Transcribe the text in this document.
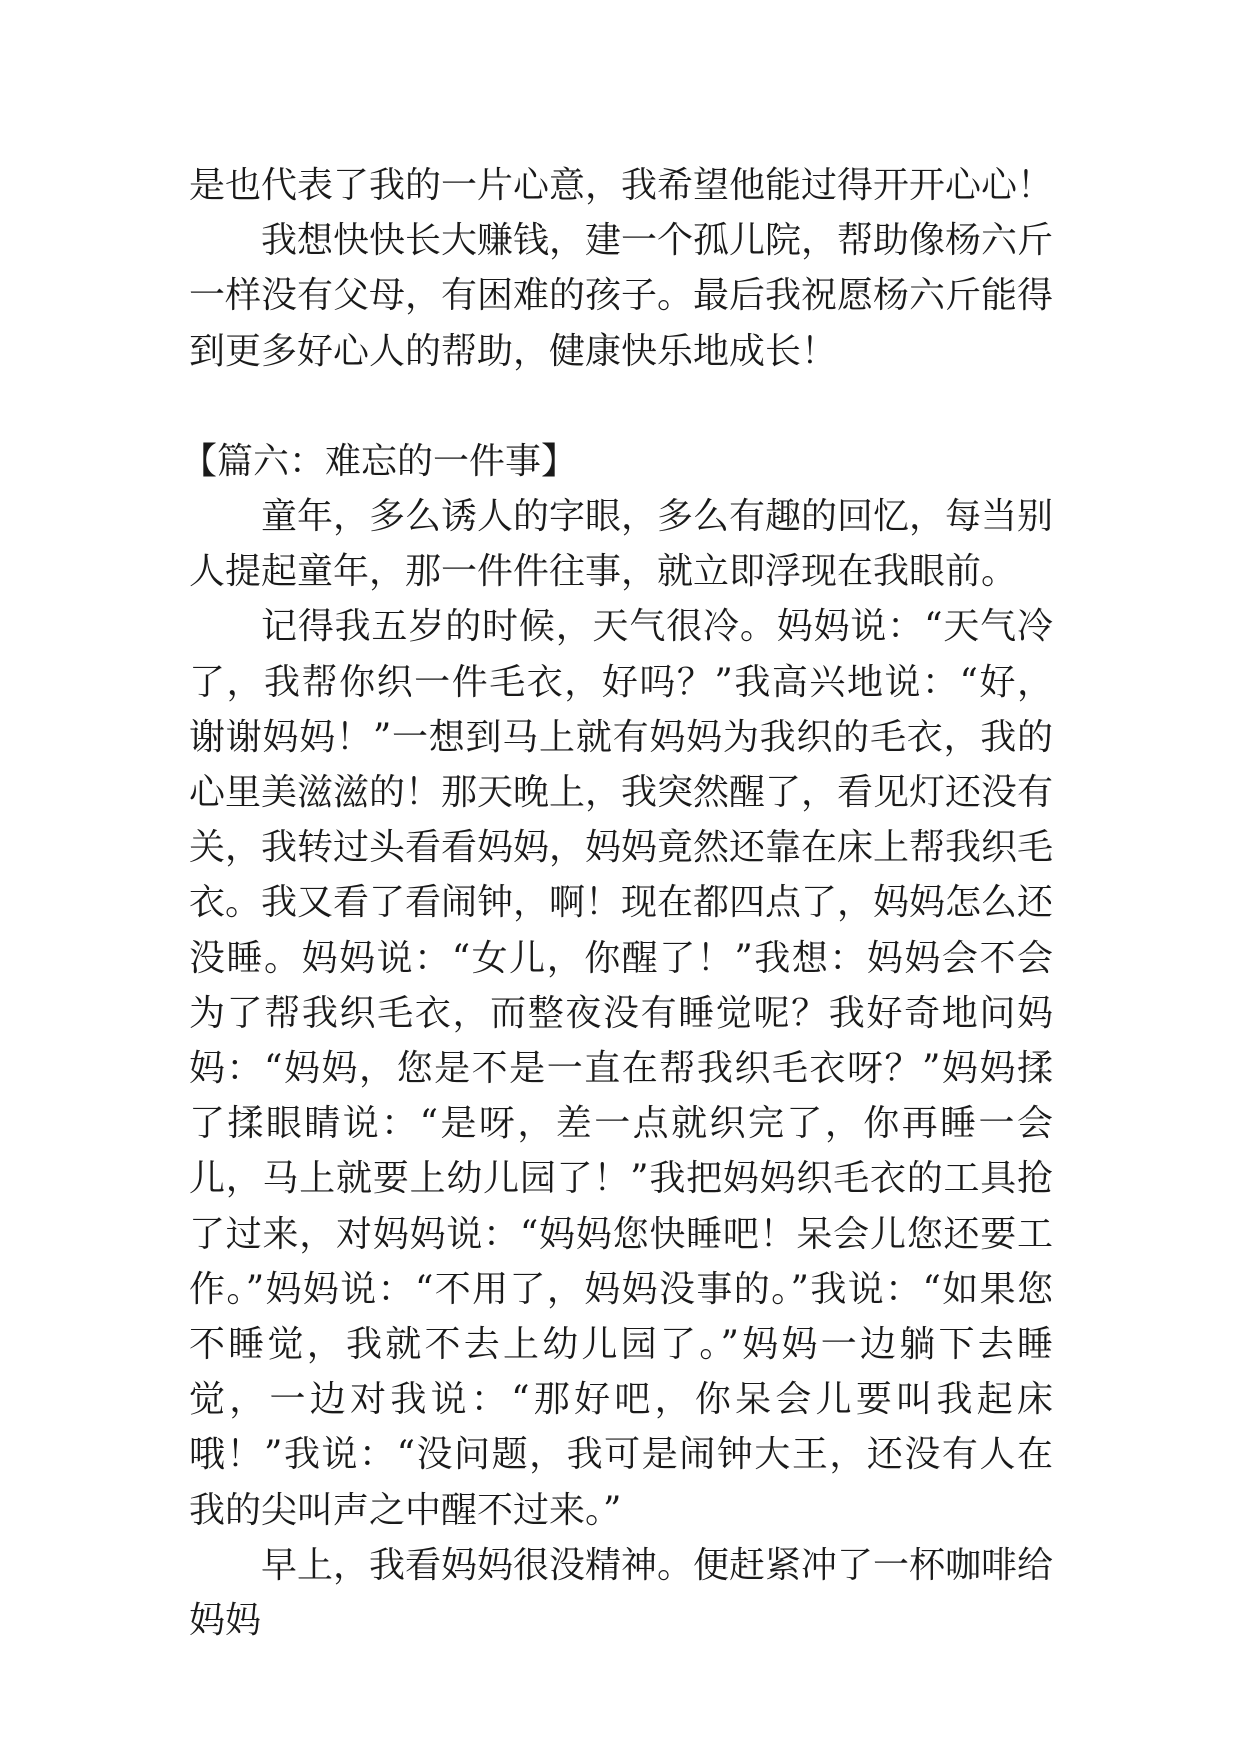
是也代表了我的一片心意，我希望他能过得开开心心！

我想快快长大赚钱，建一个孤儿院，帮助像杨六斤一样没有父母，有困难的孩子。最后我祝愿杨六斤能得到更多好心人的帮助，健康快乐地成长！

【篇六：难忘的一件事】

童年，多么诱人的字眼，多么有趣的回忆，每当别人提起童年，那一件件往事，就立即浮现在我眼前。

记得我五岁的时候，天气很冷。妈妈说：“天气冷了，我帮你织一件毛衣，好吗？”我高兴地说：“好，谢谢妈妈！”一想到马上就有妈妈为我织的毛衣，我的心里美滋滋的！那天晚上，我突然醒了，看见灯还没有关，我转过头看看妈妈，妈妈竟然还靠在床上帮我织毛衣。我又看了看闹钟，啊！现在都四点了，妈妈怎么还没睡。妈妈说：“女儿，你醒了！”我想：妈妈会不会为了帮我织毛衣，而整夜没有睡觉呢？我好奇地问妈妈：“妈妈，您是不是一直在帮我织毛衣呀？”妈妈揉了揉眼睛说：“是呀，差一点就织完了，你再睡一会儿，马上就要上幼儿园了！”我把妈妈织毛衣的工具抢了过来，对妈妈说：“妈妈您快睡吧！呆会儿您还要工作。”妈妈说：“不用了，妈妈没事的。”我说：“如果您不睡觉，我就不去上幼儿园了。”妈妈一边躺下去睡觉，一边对我说：“那好吧，你呆会儿要叫我起床哦！”我说：“没问题，我可是闹钟大王，还没有人在我的尖叫声之中醒不过来。”

早上，我看妈妈很没精神。便赶紧冲了一杯咖啡给妈妈
